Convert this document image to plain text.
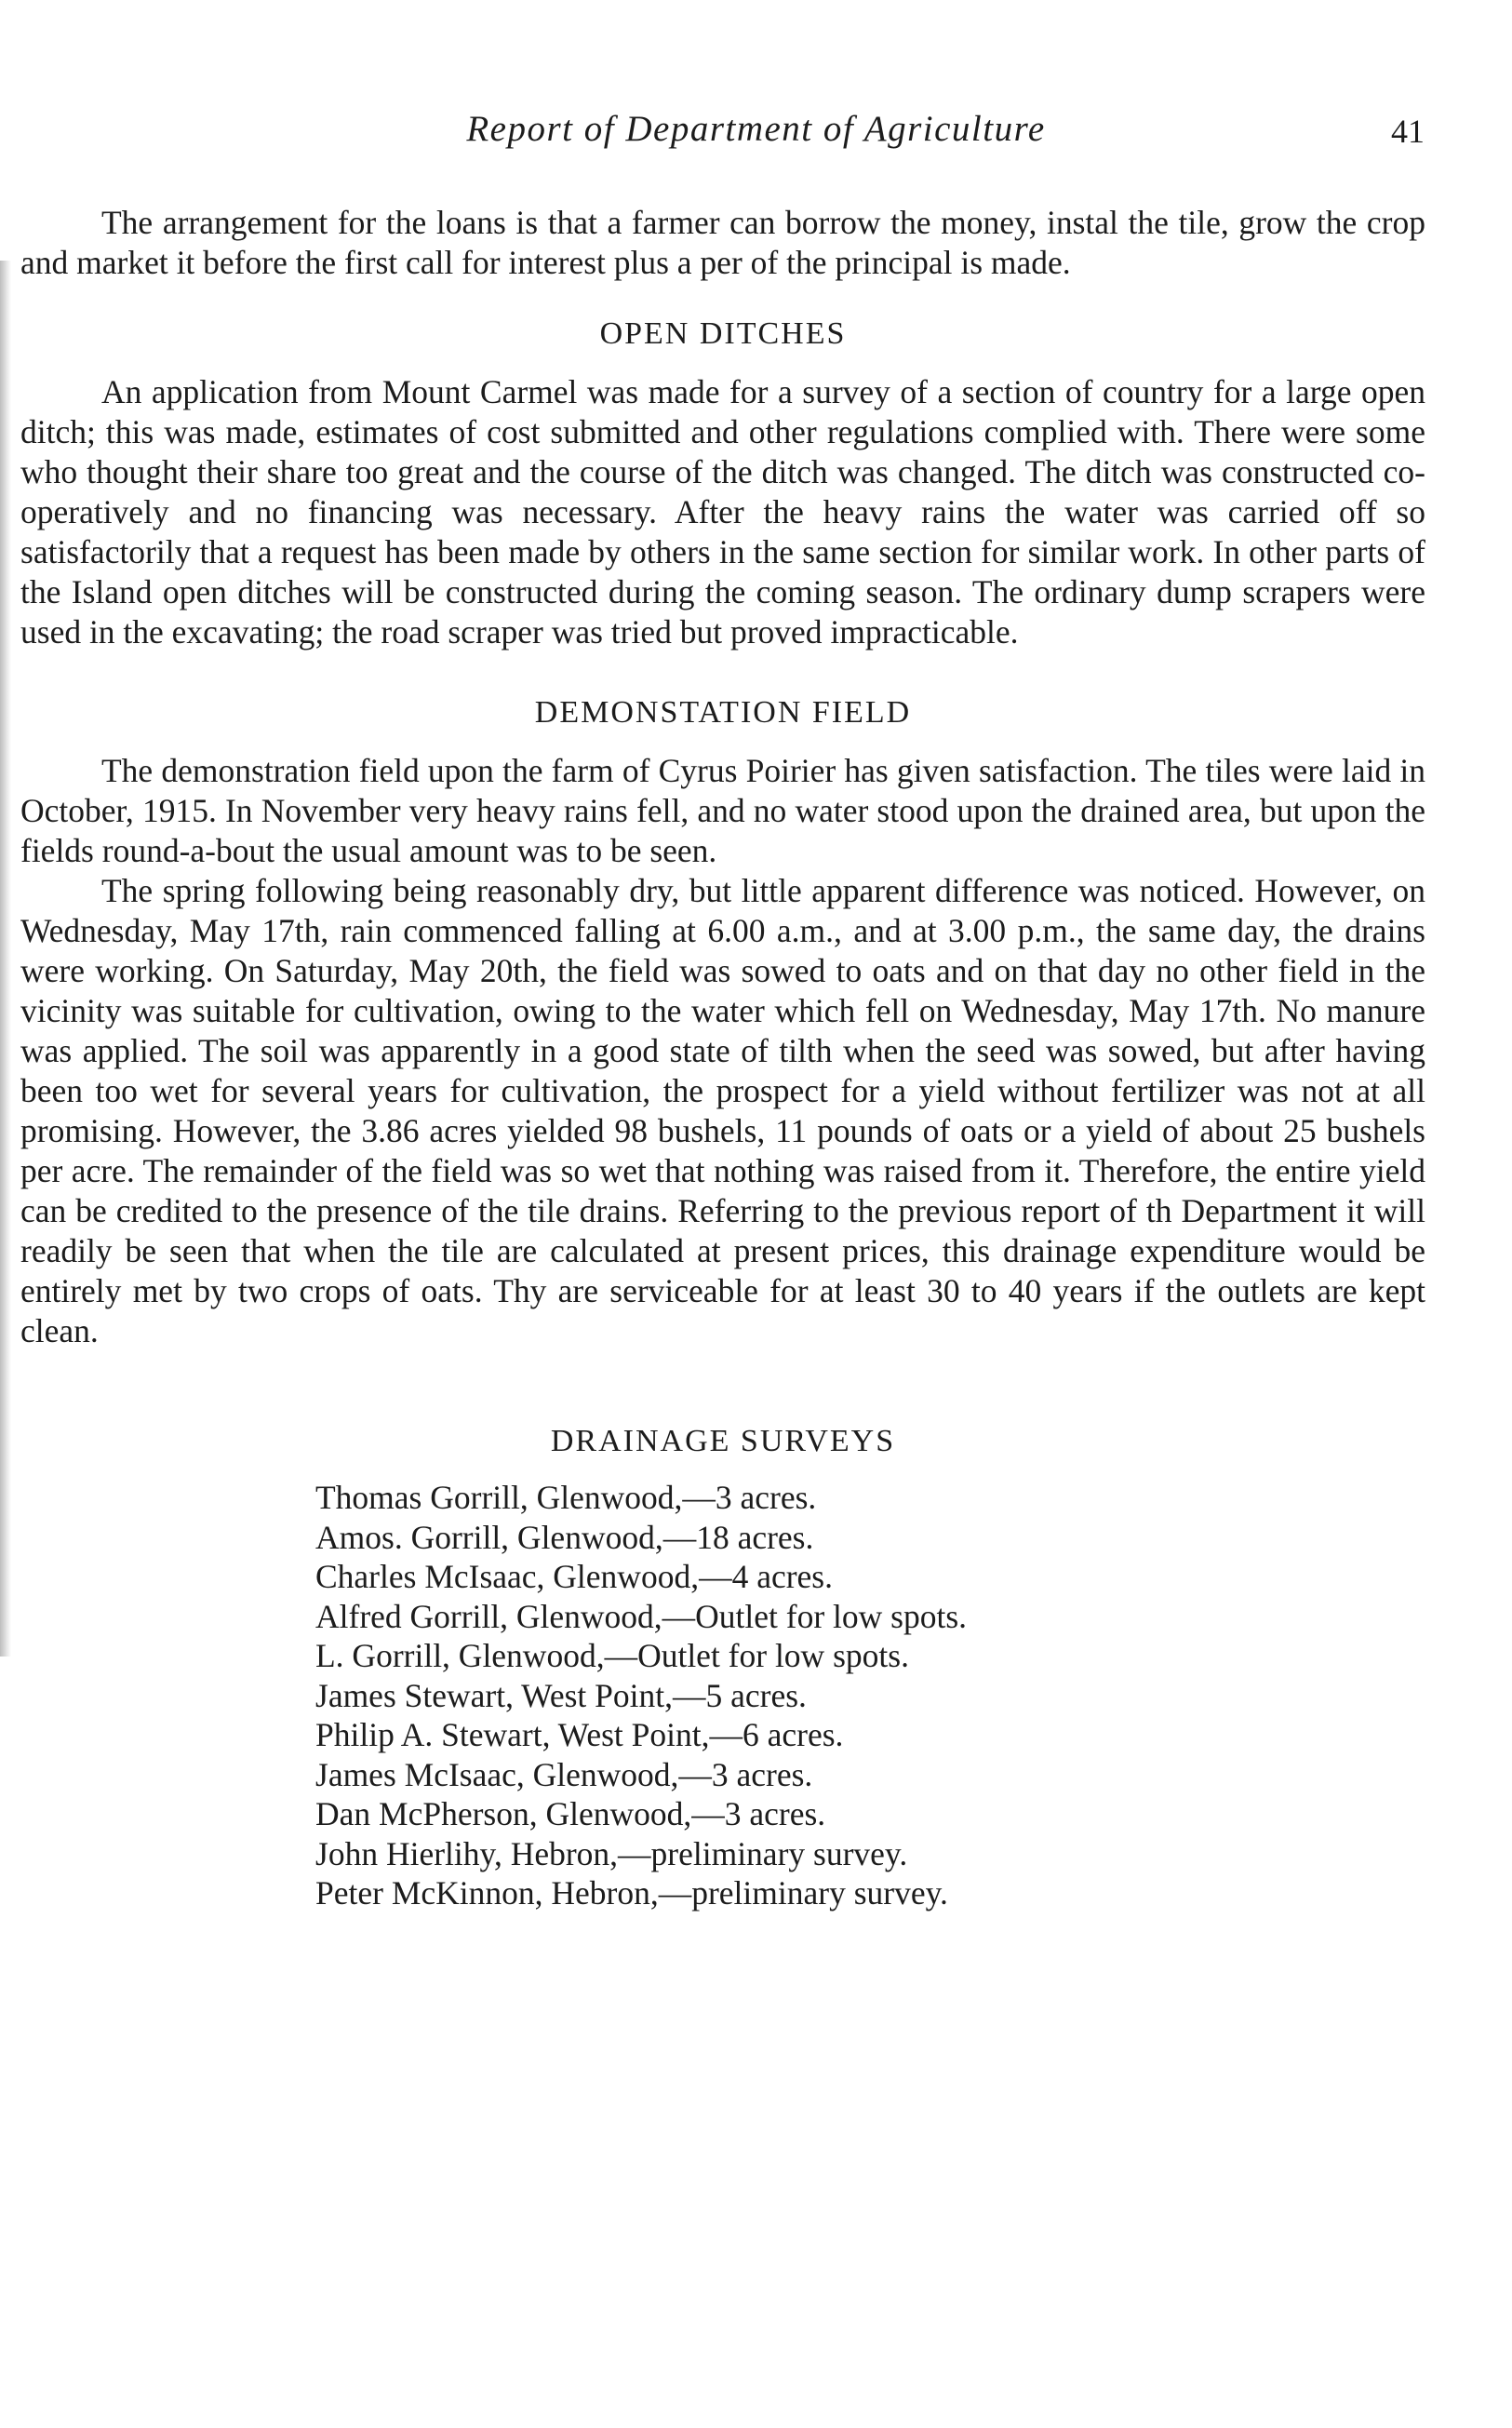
Report of Department of Agriculture	41

The arrangement for the loans is that a farmer can borrow the money, instal the tile, grow the crop and market it before the first call for interest plus a per of the principal is made.

OPEN DITCHES

An application from Mount Carmel was made for a survey of a section of country for a large open ditch; this was made, estimates of cost submitted and other regulations complied with. There were some who thought their share too great and the course of the ditch was changed. The ditch was constructed co-operatively and no financing was necessary. After the heavy rains the water was carried off so satisfactorily that a request has been made by others in the same section for similar work. In other parts of the Island open ditches will be constructed during the coming season. The ordinary dump scrapers were used in the excavating; the road scraper was tried but proved impracticable.

DEMONSTATION FIELD

The demonstration field upon the farm of Cyrus Poirier has given satisfaction. The tiles were laid in October, 1915. In November very heavy rains fell, and no water stood upon the drained area, but upon the fields round-a-bout the usual amount was to be seen.

The spring following being reasonably dry, but little apparent difference was noticed. However, on Wednesday, May 17th, rain commenced falling at 6.00 a.m., and at 3.00 p.m., the same day, the drains were working. On Saturday, May 20th, the field was sowed to oats and on that day no other field in the vicinity was suitable for cultivation, owing to the water which fell on Wednesday, May 17th. No manure was applied. The soil was apparently in a good state of tilth when the seed was sowed, but after having been too wet for several years for cultivation, the prospect for a yield without fertilizer was not at all promising. However, the 3.86 acres yielded 98 bushels, 11 pounds of oats or a yield of about 25 bushels per acre. The remainder of the field was so wet that nothing was raised from it. Therefore, the entire yield can be credited to the presence of the tile drains. Referring to the previous report of th Department it will readily be seen that when the tile are calculated at present prices, this drainage expenditure would be entirely met by two crops of oats. Thy are serviceable for at least 30 to 40 years if the outlets are kept clean.

DRAINAGE SURVEYS
Thomas Gorrill, Glenwood,—3 acres.
Amos. Gorrill, Glenwood,—18 acres.
Charles McIsaac, Glenwood,—4 acres.
Alfred Gorrill, Glenwood,—Outlet for low spots.
L. Gorrill, Glenwood,—Outlet for low spots.
James Stewart, West Point,—5 acres.
Philip A. Stewart, West Point,—6 acres.
James McIsaac, Glenwood,—3 acres.
Dan McPherson, Glenwood,—3 acres.
John Hierlihy, Hebron,—preliminary survey.
Peter McKinnon, Hebron,—preliminary survey.
